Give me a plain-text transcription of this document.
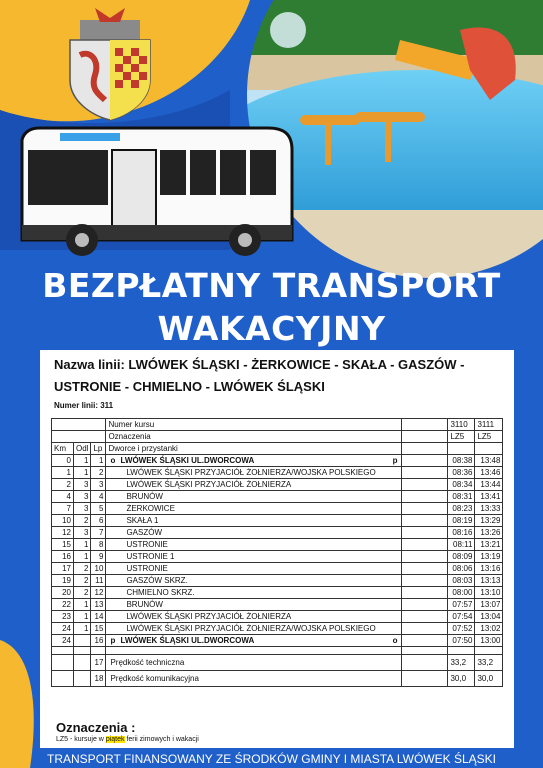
BEZPŁATNY TRANSPORT
WAKACYJNY
Nazwa linii: LWÓWEK ŚLĄSKI - ŻERKOWICE - SKAŁA - GASZÓW -
USTRONIE - CHMIELNO - LWÓWEK ŚLĄSKI
Numer linii: 311
			Numer kursu		3110	3111
			Oznaczenia		LZ5	LZ5
Km	Odl	Lp	Dworce i przystanki			
0	1	1	o LWÓWEK ŚLĄSKI UL.DWORCOWA p		08:38	13:48
1	1	2	LWÓWEK ŚLĄSKI PRZYJACIÓŁ ŻOŁNIERZA/WOJSKA POLSKIEGO		08:36	13:46
2	3	3	LWÓWEK ŚLĄSKI PRZYJACIÓŁ ŻOŁNIERZA		08:34	13:44
4	3	4	BRUNÓW		08:31	13:41
7	3	5	ŻERKOWICE		08:23	13:33
10	2	6	SKAŁA 1		08:19	13:29
12	3	7	GASZÓW		08:16	13:26
15	1	8	USTRONIE		08:11	13:21
16	1	9	USTRONIE 1		08:09	13:19
17	2	10	USTRONIE		08:06	13:16
19	2	11	GASZÓW SKRZ.		08:03	13:13
20	2	12	CHMIELNO SKRZ.		08:00	13:10
22	1	13	BRUNÓW		07:57	13:07
23	1	14	LWÓWEK ŚLĄSKI PRZYJACIÓŁ ŻOŁNIERZA		07:54	13:04
24	1	15	LWÓWEK ŚLĄSKI PRZYJACIÓŁ ŻOŁNIERZA/WOJSKA POLSKIEGO		07:52	13:02
24		16	p LWÓWEK ŚLĄSKI UL.DWORCOWA o		07:50	13:00

		17	Prędkość techniczna		33,2	33,2
		18	Prędkość komunikacyjna		30,0	30,0
Oznaczenia :
LZ5 - kursuje w piątek ferii zimowych i wakacji
TRANSPORT FINANSOWANY ZE ŚRODKÓW GMINY I MIASTA LWÓWEK ŚLĄSKI
